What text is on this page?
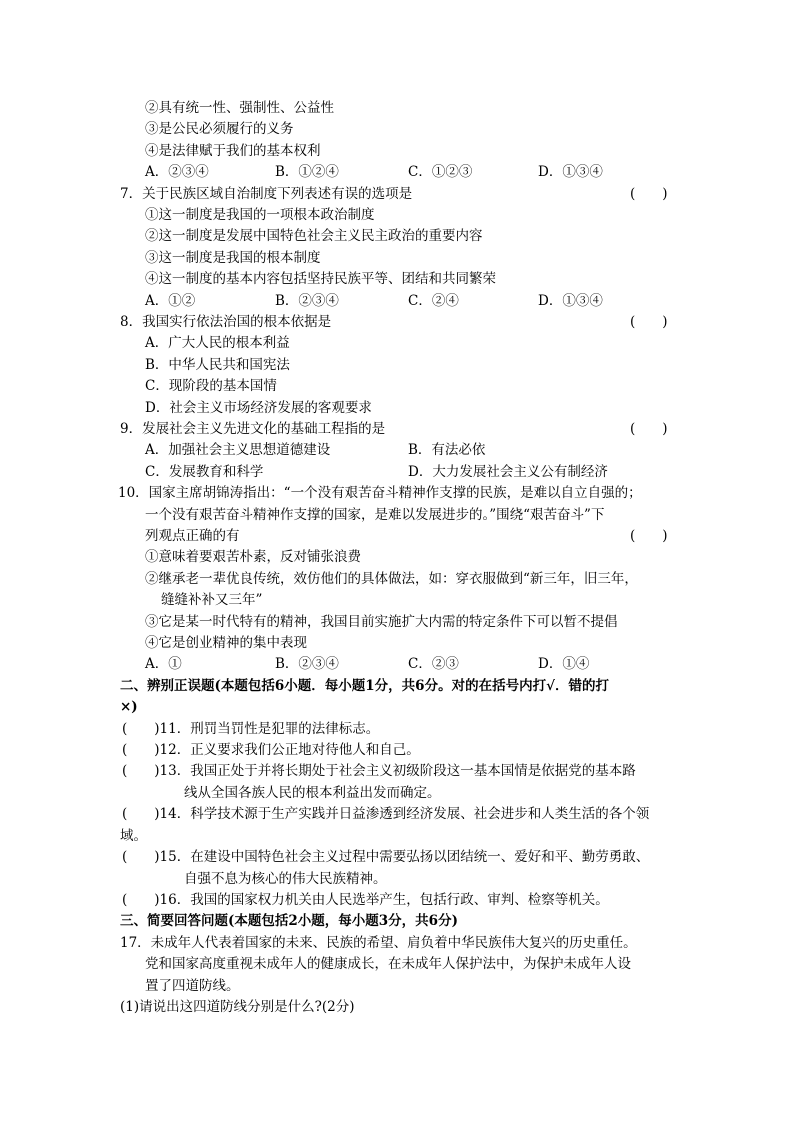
②具有统一性、强制性、公益性
③是公民必须履行的义务
④是法律赋于我们的基本权利
A．②③④	B．①②④	C．①②③	D．①③④
7．关于民族区域自治制度下列表述有误的选项是	(　　)
①这一制度是我国的一项根本政治制度
②这一制度是发展中国特色社会主义民主政治的重要内容
③这一制度是我国的根本制度
④这一制度的基本内容包括坚持民族平等、团结和共同繁荣
A．①②	B．②③④	C．②④	D．①③④
8．我国实行依法治国的根本依据是	(　　)
A．广大人民的根本利益
B．中华人民共和国宪法
C．现阶段的基本国情
D．社会主义市场经济发展的客观要求
9．发展社会主义先进文化的基础工程指的是	(　　)
A．加强社会主义思想道德建设	B．有法必依
C．发展教育和科学	D．大力发展社会主义公有制经济
10．国家主席胡锦涛指出：“一个没有艰苦奋斗精神作支撑的民族，是难以自立自强的；
一个没有艰苦奋斗精神作支撑的国家，是难以发展进步的。”围绕“艰苦奋斗”下
列观点正确的有	(　　)
①意味着要艰苦朴素，反对铺张浪费
②继承老一辈优良传统，效仿他们的具体做法，如：穿衣服做到“新三年，旧三年，
缝缝补补又三年”
③它是某一时代特有的精神，我国目前实施扩大内需的特定条件下可以暂不提倡
④它是创业精神的集中表现
A．①	B．②③④	C．②③	D．①④
二、辨别正误题(本题包括6小题．每小题1分，共6分。对的在括号内打√．错的打
×)
(　　)11．刑罚当罚性是犯罪的法律标志。
(　　)12．正义要求我们公正地对待他人和自己。
(　　)13．我国正处于并将长期处于社会主义初级阶段这一基本国情是依据党的基本路
线从全国各族人民的根本利益出发而确定。
(　　)14．科学技术源于生产实践并日益渗透到经济发展、社会进步和人类生活的各个领
域。
(　　)15．在建设中国特色社会主义过程中需要弘扬以团结统一、爱好和平、勤劳勇敢、
自强不息为核心的伟大民族精神。
(　　)16．我国的国家权力机关由人民选举产生，包括行政、审判、检察等机关。
三、简要回答问题(本题包括2小题，每小题3分，共6分)
17．未成年人代表着国家的未来、民族的希望、肩负着中华民族伟大复兴的历史重任。
党和国家高度重视未成年人的健康成长，在未成年人保护法中，为保护未成年人设
置了四道防线。
(1)请说出这四道防线分别是什么?(2分)
